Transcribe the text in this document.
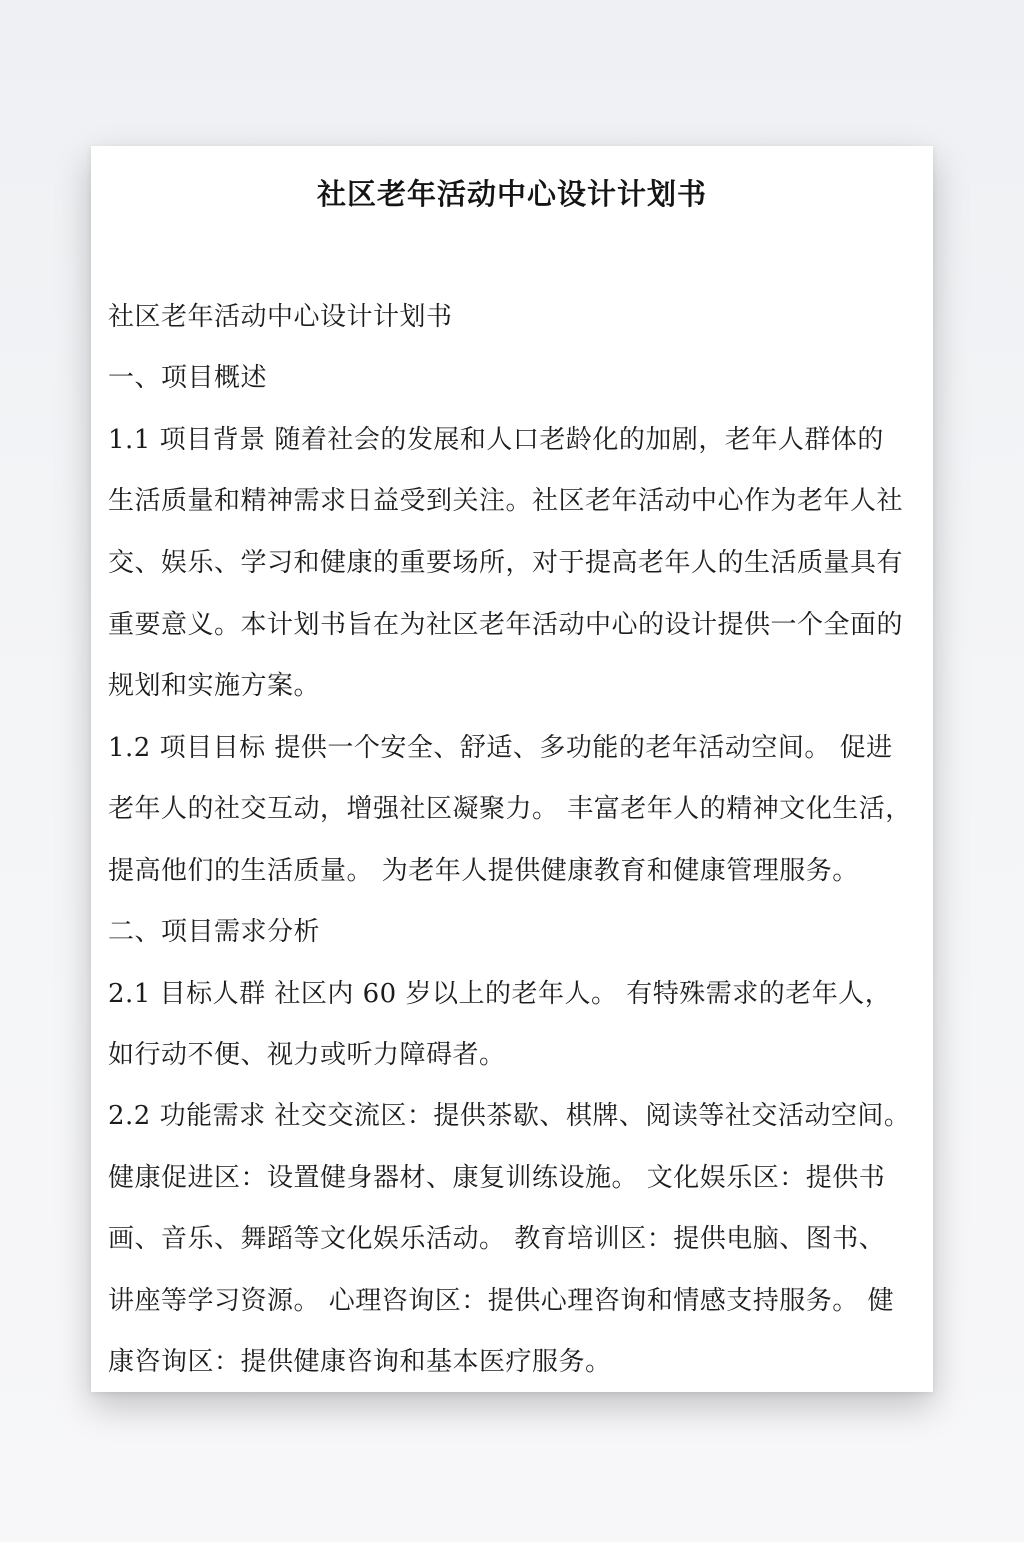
社区老年活动中心设计计划书
社区老年活动中心设计计划书
一、项目概述
1.1 项目背景 随着社会的发展和人口老龄化的加剧，老年人群体的
生活质量和精神需求日益受到关注。社区老年活动中心作为老年人社
交、娱乐、学习和健康的重要场所，对于提高老年人的生活质量具有
重要意义。本计划书旨在为社区老年活动中心的设计提供一个全面的
规划和实施方案。
1.2 项目目标 提供一个安全、舒适、多功能的老年活动空间。 促进
老年人的社交互动，增强社区凝聚力。 丰富老年人的精神文化生活，
提高他们的生活质量。 为老年人提供健康教育和健康管理服务。
二、项目需求分析
2.1 目标人群 社区内 60 岁以上的老年人。 有特殊需求的老年人，
如行动不便、视力或听力障碍者。
2.2 功能需求 社交交流区：提供茶歇、棋牌、阅读等社交活动空间。
健康促进区：设置健身器材、康复训练设施。 文化娱乐区：提供书
画、音乐、舞蹈等文化娱乐活动。 教育培训区：提供电脑、图书、
讲座等学习资源。 心理咨询区：提供心理咨询和情感支持服务。 健
康咨询区：提供健康咨询和基本医疗服务。
